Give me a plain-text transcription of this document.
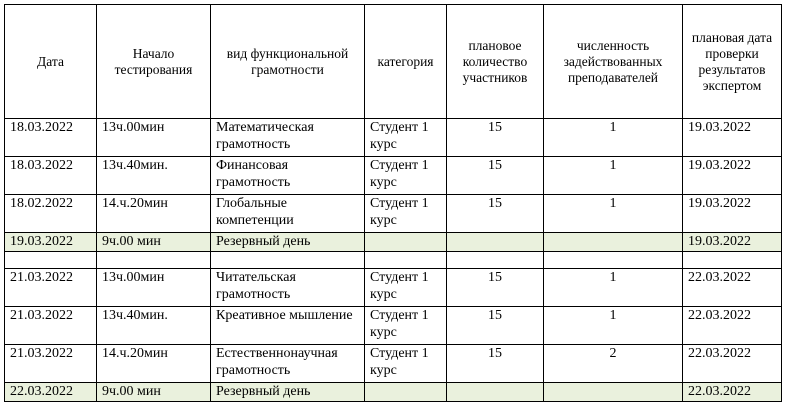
Дата	Начало тестирования	вид функциональной грамотности	категория	плановое количество участников	численность задействованных преподавателей	плановая дата проверки результатов экспертом
18.03.2022	13ч.00мин	Математическая грамотность	Студент 1 курс	15	1	19.03.2022
18.03.2022	13ч.40мин.	Финансовая грамотность	Студент 1 курс	15	1	19.03.2022
18.02.2022	14.ч.20мин	Глобальные компетенции	Студент 1 курс	15	1	19.03.2022
19.03.2022	9ч.00 мин	Резервный день				19.03.2022

21.03.2022	13ч.00мин	Читательская грамотность	Студент 1 курс	15	1	22.03.2022
21.03.2022	13ч.40мин.	Креативное мышление	Студент 1 курс	15	1	22.03.2022
21.03.2022	14.ч.20мин	Естественнонаучная грамотность	Студент 1 курс	15	2	22.03.2022
22.03.2022	9ч.00 мин	Резервный день				22.03.2022
